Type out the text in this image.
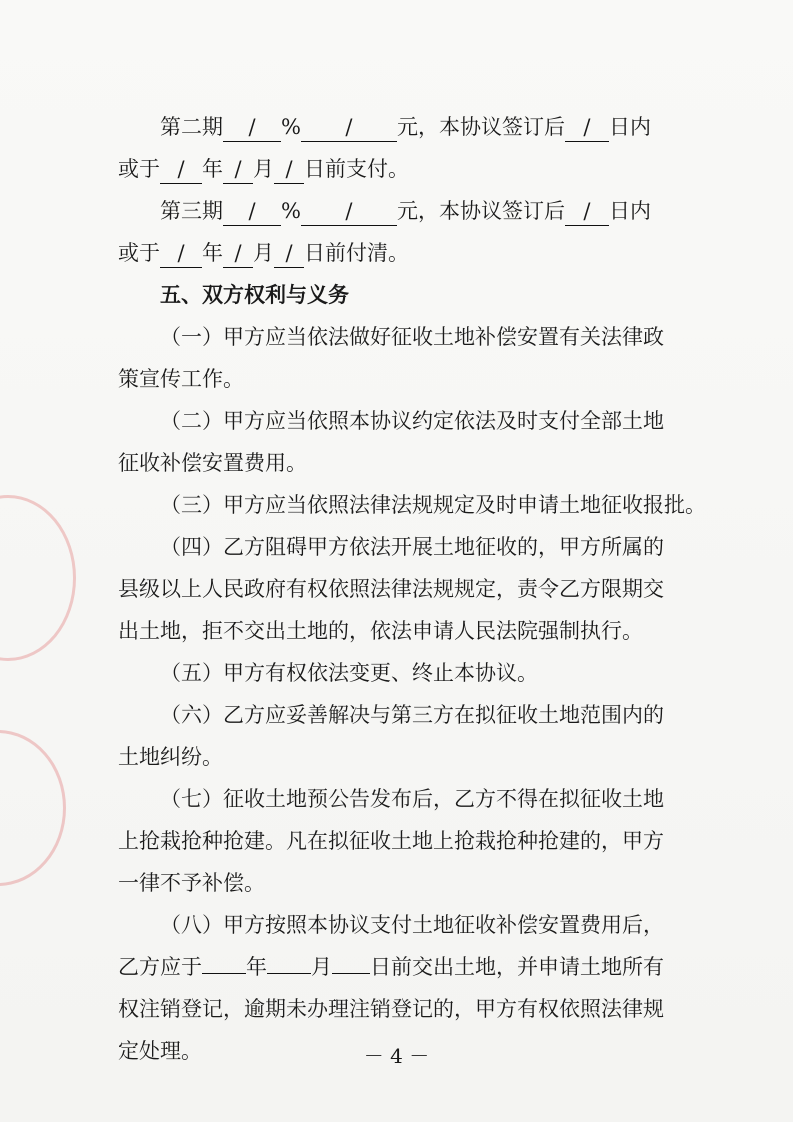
第二期 / % / 元，本协议签订后 / 日内
或于 / 年 / 月 / 日前支付。
第三期 / % / 元，本协议签订后 / 日内
或于 / 年 / 月 / 日前付清。
五、双方权利与义务
（一）甲方应当依法做好征收土地补偿安置有关法律政
策宣传工作。
（二）甲方应当依照本协议约定依法及时支付全部土地
征收补偿安置费用。
（三）甲方应当依照法律法规规定及时申请土地征收报批。
（四）乙方阻碍甲方依法开展土地征收的，甲方所属的
县级以上人民政府有权依照法律法规规定，责令乙方限期交
出土地，拒不交出土地的，依法申请人民法院强制执行。
（五）甲方有权依法变更、终止本协议。
（六）乙方应妥善解决与第三方在拟征收土地范围内的
土地纠纷。
（七）征收土地预公告发布后，乙方不得在拟征收土地
上抢栽抢种抢建。凡在拟征收土地上抢栽抢种抢建的，甲方
一律不予补偿。
（八）甲方按照本协议支付土地征收补偿安置费用后，
乙方应于 年 月 日前交出土地，并申请土地所有
权注销登记，逾期未办理注销登记的，甲方有权依照法律规
定处理。	－ 4 －
